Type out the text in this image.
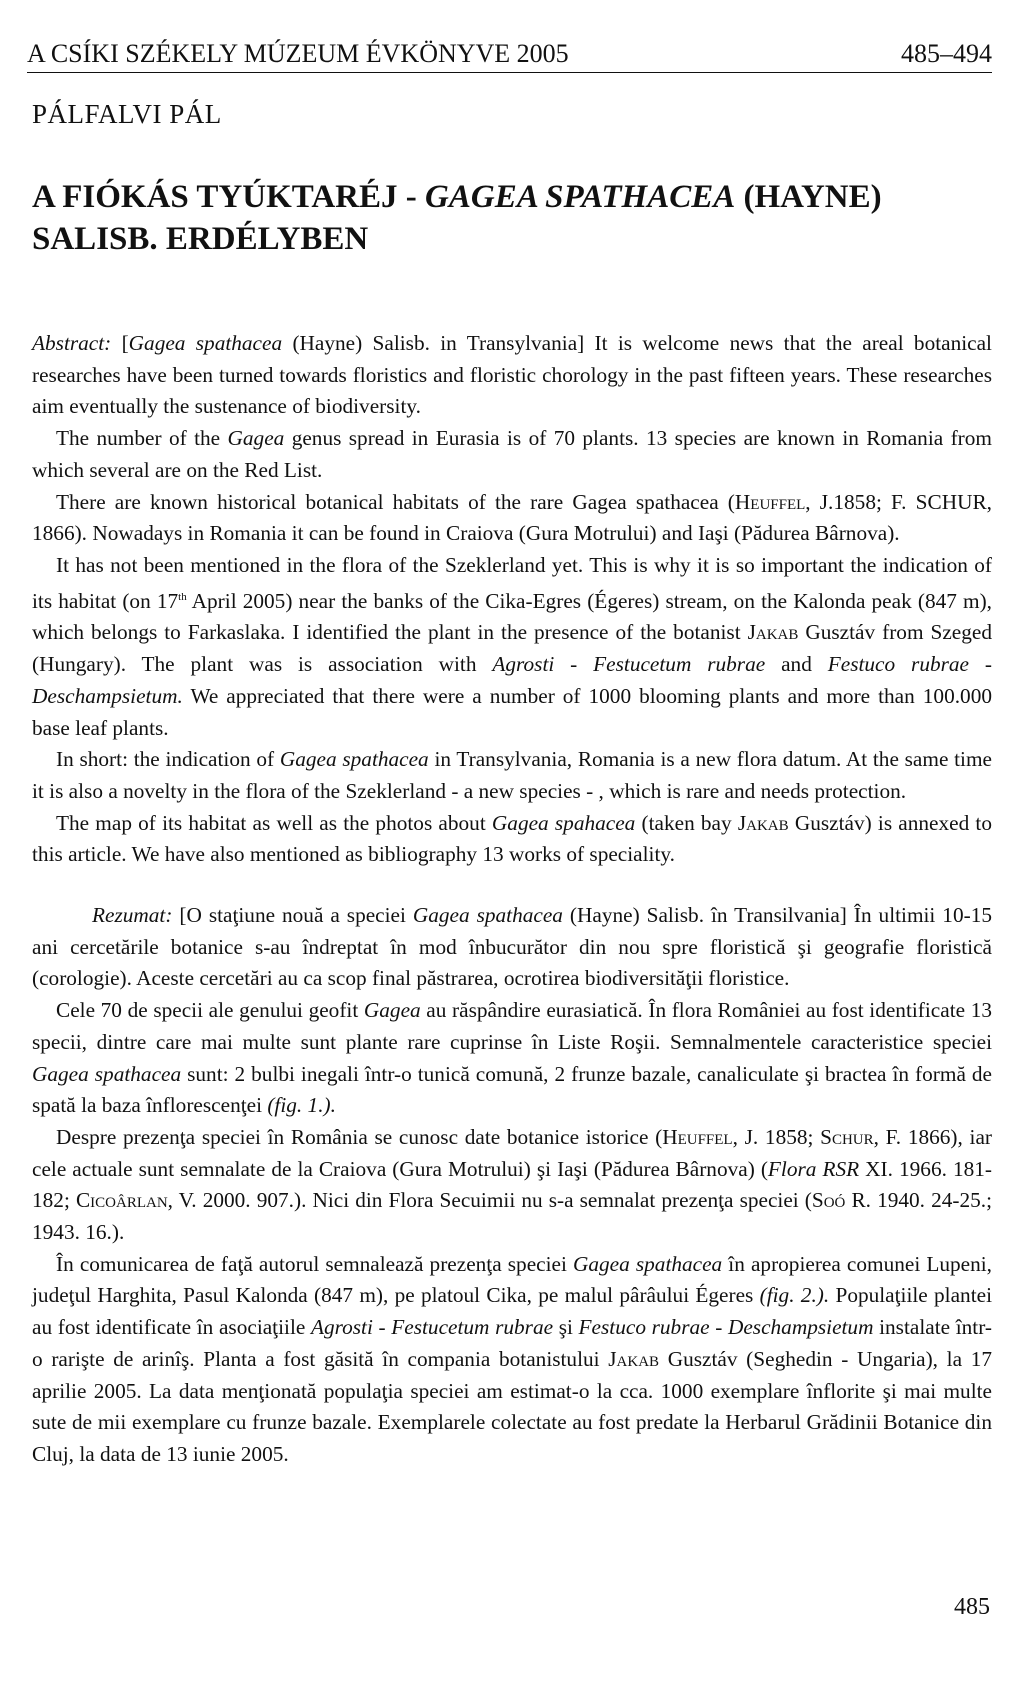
A CSÍKI SZÉKELY MÚZEUM ÉVKÖNYVE 2005	485–494
PÁLFALVI PÁL
A FIÓKÁS TYÚKTARÉJ - GAGEA SPATHACEA (HAYNE)
SALISB. ERDÉLYBEN

Abstract: [Gagea spathacea (Hayne) Salisb. in Transylvania] It is welcome news that the areal botanical researches have been turned towards floristics and floristic chorology in the past fifteen years. These researches aim eventually the sustenance of biodiversity.

The number of the Gagea genus spread in Eurasia is of 70 plants. 13 species are known in Romania from which several are on the Red List.

There are known historical botanical habitats of the rare Gagea spathacea (Heuffel, J.1858; F. SCHUR, 1866). Nowadays in Romania it can be found in Craiova (Gura Motrului) and Iaşi (Pădurea Bârnova).

It has not been mentioned in the flora of the Szeklerland yet. This is why it is so important the indication of its habitat (on 17th April 2005) near the banks of the Cika-Egres (Égeres) stream, on the Kalonda peak (847 m), which belongs to Farkaslaka. I identified the plant in the presence of the botanist Jakab Gusztáv from Szeged (Hungary). The plant was is association with Agrosti - Festucetum rubrae and Festuco rubrae - Deschampsietum. We appreciated that there were a number of 1000 blooming plants and more than 100.000 base leaf plants.

In short: the indication of Gagea spathacea in Transylvania, Romania is a new flora datum. At the same time it is also a novelty in the flora of the Szeklerland - a new species - , which is rare and needs protection.

The map of its habitat as well as the photos about Gagea spahacea (taken bay Jakab Gusztáv) is annexed to this article. We have also mentioned as bibliography 13 works of speciality.

Rezumat: [O staţiune nouă a speciei Gagea spathacea (Hayne) Salisb. în Transilvania] În ultimii 10-15 ani cercetările botanice s-au îndreptat în mod înbucurător din nou spre floristică şi geografie floristică (corologie). Aceste cercetări au ca scop final păstrarea, ocrotirea biodiversităţii floristice.

Cele 70 de specii ale genului geofit Gagea au răspândire eurasiatică. În flora României au fost identificate 13 specii, dintre care mai multe sunt plante rare cuprinse în Liste Roşii. Semnalmentele caracteristice speciei Gagea spathacea sunt: 2 bulbi inegali într-o tunică comună, 2 frunze bazale, canaliculate şi bractea în formă de spată la baza înflorescenţei (fig. 1.).

Despre prezenţa speciei în România se cunosc date botanice istorice (Heuffel, J. 1858; Schur, F. 1866), iar cele actuale sunt semnalate de la Craiova (Gura Motrului) şi Iaşi (Pădurea Bârnova) (Flora RSR XI. 1966. 181-182; Cicoârlan, V. 2000. 907.). Nici din Flora Secuimii nu s-a semnalat prezenţa speciei (Soó R. 1940. 24-25.; 1943. 16.).

În comunicarea de faţă autorul semnalează prezenţa speciei Gagea spathacea în apropierea comunei Lupeni, judeţul Harghita, Pasul Kalonda (847 m), pe platoul Cika, pe malul pârâului Égeres (fig. 2.). Populaţiile plantei au fost identificate în asociaţiile Agrosti - Festucetum rubrae şi Festuco rubrae - Deschampsietum instalate într-o rarişte de arinîş. Planta a fost găsită în compania botanistului Jakab Gusztáv (Seghedin - Ungaria), la 17 aprilie 2005. La data menţionată populaţia speciei am estimat-o la cca. 1000 exemplare înflorite şi mai multe sute de mii exemplare cu frunze bazale. Exemplarele colectate au fost predate la Herbarul Grădinii Botanice din Cluj, la data de 13 iunie 2005.

485
